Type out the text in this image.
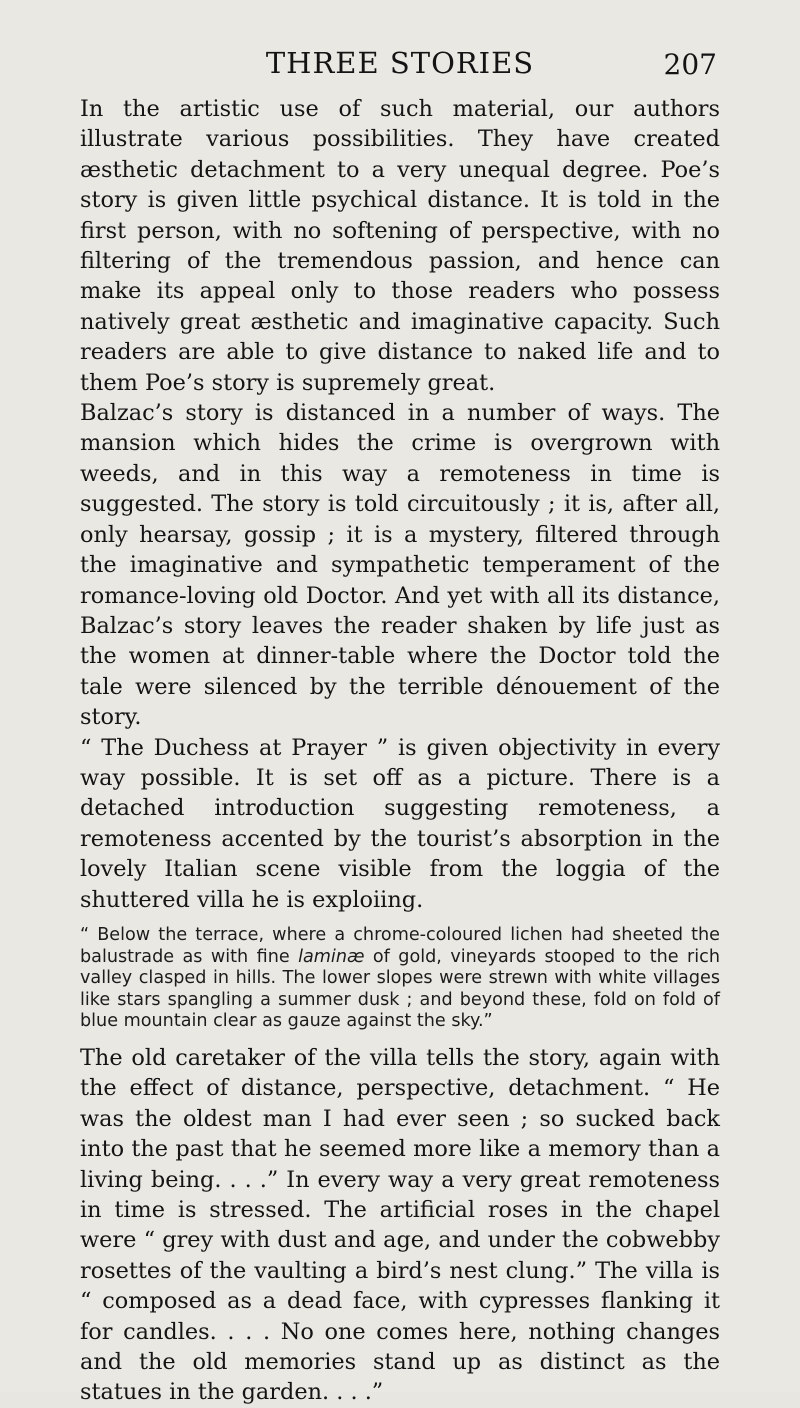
THREE STORIES	207

In the artistic use of such material, our authors illustrate various possibilities. They have created æsthetic detachment to a very unequal degree. Poe’s story is given little psychical distance. It is told in the first person, with no softening of perspective, with no filtering of the tremendous passion, and hence can make its appeal only to those readers who possess natively great æsthetic and imaginative capacity. Such readers are able to give distance to naked life and to them Poe’s story is supremely great.

Balzac’s story is distanced in a number of ways. The mansion which hides the crime is overgrown with weeds, and in this way a remoteness in time is suggested. The story is told circuitously ; it is, after all, only hearsay, gossip ; it is a mystery, filtered through the imaginative and sympathetic temperament of the romance-loving old Doctor. And yet with all its distance, Balzac’s story leaves the reader shaken by life just as the women at dinner-table where the Doctor told the tale were silenced by the terrible dénouement of the story.

“ The Duchess at Prayer ” is given objectivity in every way possible. It is set off as a picture. There is a detached introduction suggesting remoteness, a remoteness accented by the tourist’s absorption in the lovely Italian scene visible from the loggia of the shuttered villa he is exploiing.

“ Below the terrace, where a chrome-coloured lichen had sheeted the balustrade as with fine laminæ of gold, vineyards stooped to the rich valley clasped in hills. The lower slopes were strewn with white villages like stars spangling a summer dusk ; and beyond these, fold on fold of blue mountain clear as gauze against the sky.”

The old caretaker of the villa tells the story, again with the effect of distance, perspective, detachment. “ He was the oldest man I had ever seen ; so sucked back into the past that he seemed more like a memory than a living being. . . .” In every way a very great remoteness in time is stressed. The artificial roses in the chapel were “ grey with dust and age, and under the cobwebby rosettes of the vaulting a bird’s nest clung.” The villa is “ composed as a dead face, with cypresses flanking it for candles. . . . No one comes here, nothing changes and the old memories stand up as distinct as the statues in the garden. . . .”
